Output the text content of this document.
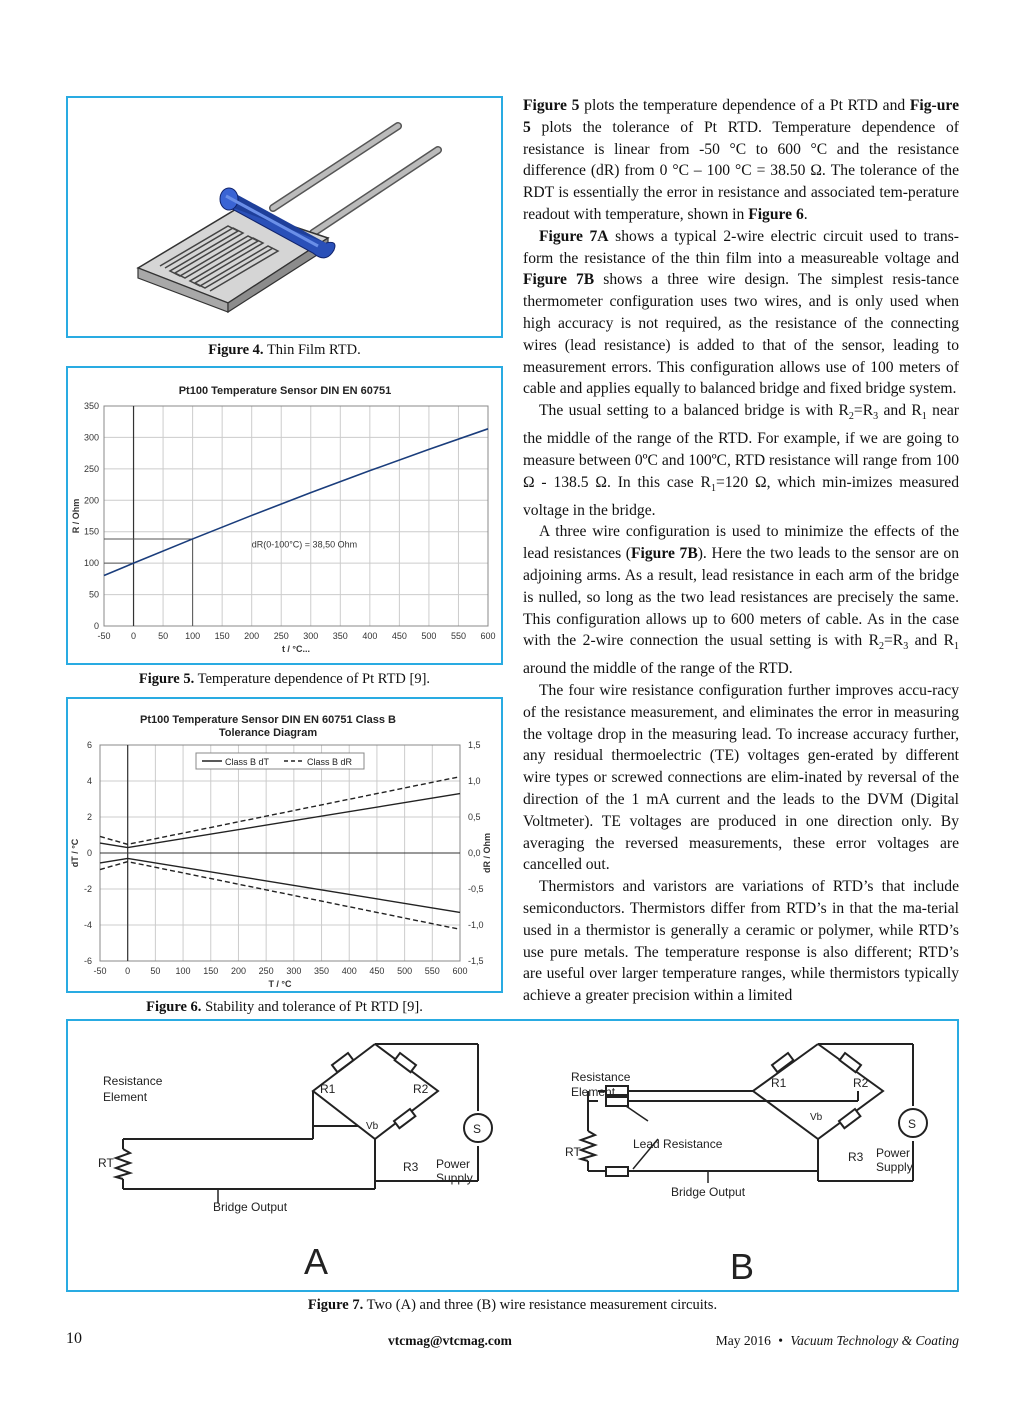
Figure 4. Thin Film RTD.
Pt100 Temperature Sensor DIN EN 60751
-50 0 50 100 150 200 250 300 350 400 450 500 550 600
0
50
100
150
200
250
300
350
dR(0-100°C) = 38,50 Ohm
t / °C...
R / Ohm
Figure 5. Temperature dependence of Pt RTD [9].
Pt100 Temperature Sensor DIN EN 60751 Class B
Tolerance Diagram
-50 0 50 100 150 200 250 300 350 400 450 500 550 600
-6	-1,5
-4	-1,0
-2	-0,5
0	0,0
2	0,5
4	1,0
6	1,5
Class B dT	Class B dR
T / °C
dT / °C	dR / Ohm
Figure 6. Stability and tolerance of Pt RTD [9].

Figure 5 plots the temperature dependence of a Pt RTD and Fig-ure 5 plots the tolerance of Pt RTD. Temperature dependence of resistance is linear from -50 °C to 600 °C and the resistance difference (dR) from 0 °C – 100 °C = 38.50 Ω. The tolerance of the RDT is essentially the error in resistance and associated tem-perature readout with temperature, shown in Figure 6.

Figure 7A shows a typical 2-wire electric circuit used to trans-form the resistance of the thin film into a measureable voltage and Figure 7B shows a three wire design. The simplest resis-tance thermometer configuration uses two wires, and is only used when high accuracy is not required, as the resistance of the connecting wires (lead resistance) is added to that of the sensor, leading to measurement errors. This configuration allows use of 100 meters of cable and applies equally to balanced bridge and fixed bridge system.

The usual setting to a balanced bridge is with $R_2=R_3$ and $R_1$ near the middle of the range of the RTD. For example, if we are going to measure between 0ºC and 100ºC, RTD resistance will range from 100 Ω - 138.5 Ω. In this case $R_1=120$ Ω, which min-imizes measured voltage in the bridge.

A three wire configuration is used to minimize the effects of the lead resistances (Figure 7B). Here the two leads to the sensor are on adjoining arms. As a result, lead resistance in each arm of the bridge is nulled, so long as the two lead resistances are precisely the same. This configuration allows up to 600 meters of cable. As in the case with the 2-wire connection the usual setting is with $R_2=R_3$ and $R_1$ around the middle of the range of the RTD.

The four wire resistance configuration further improves accu-racy of the resistance measurement, and eliminates the error in measuring the voltage drop in the measuring lead. To increase accuracy further, any residual thermoelectric (TE) voltages gen-erated by different wire types or screwed connections are elim-inated by reversal of the direction of the 1 mA current and the leads to the DVM (Digital Voltmeter). TE voltages are produced in one direction only. By averaging the reversed measurements, these error voltages are cancelled out.

Thermistors and varistors are variations of RTD’s that include semiconductors. Thermistors differ from RTD’s in that the ma-terial used in a thermistor is generally a ceramic or polymer, while RTD’s use pure metals. The temperature response is also different; RTD’s are useful over larger temperature ranges, while thermistors typically achieve a greater precision within a limited

Resistance
Element
RT
R1	R2
R3
Vb	S
Power
Supply
Bridge Output
A
Resistance
Element
RT
R1	R2
R3
Vb	S
Power
Supply
Lead Resistance
Bridge Output
B
Figure 7. Two (A) and three (B) wire resistance measurement circuits.
10	vtcmag@vtcmag.com	May 2016 • Vacuum Technology & Coating
